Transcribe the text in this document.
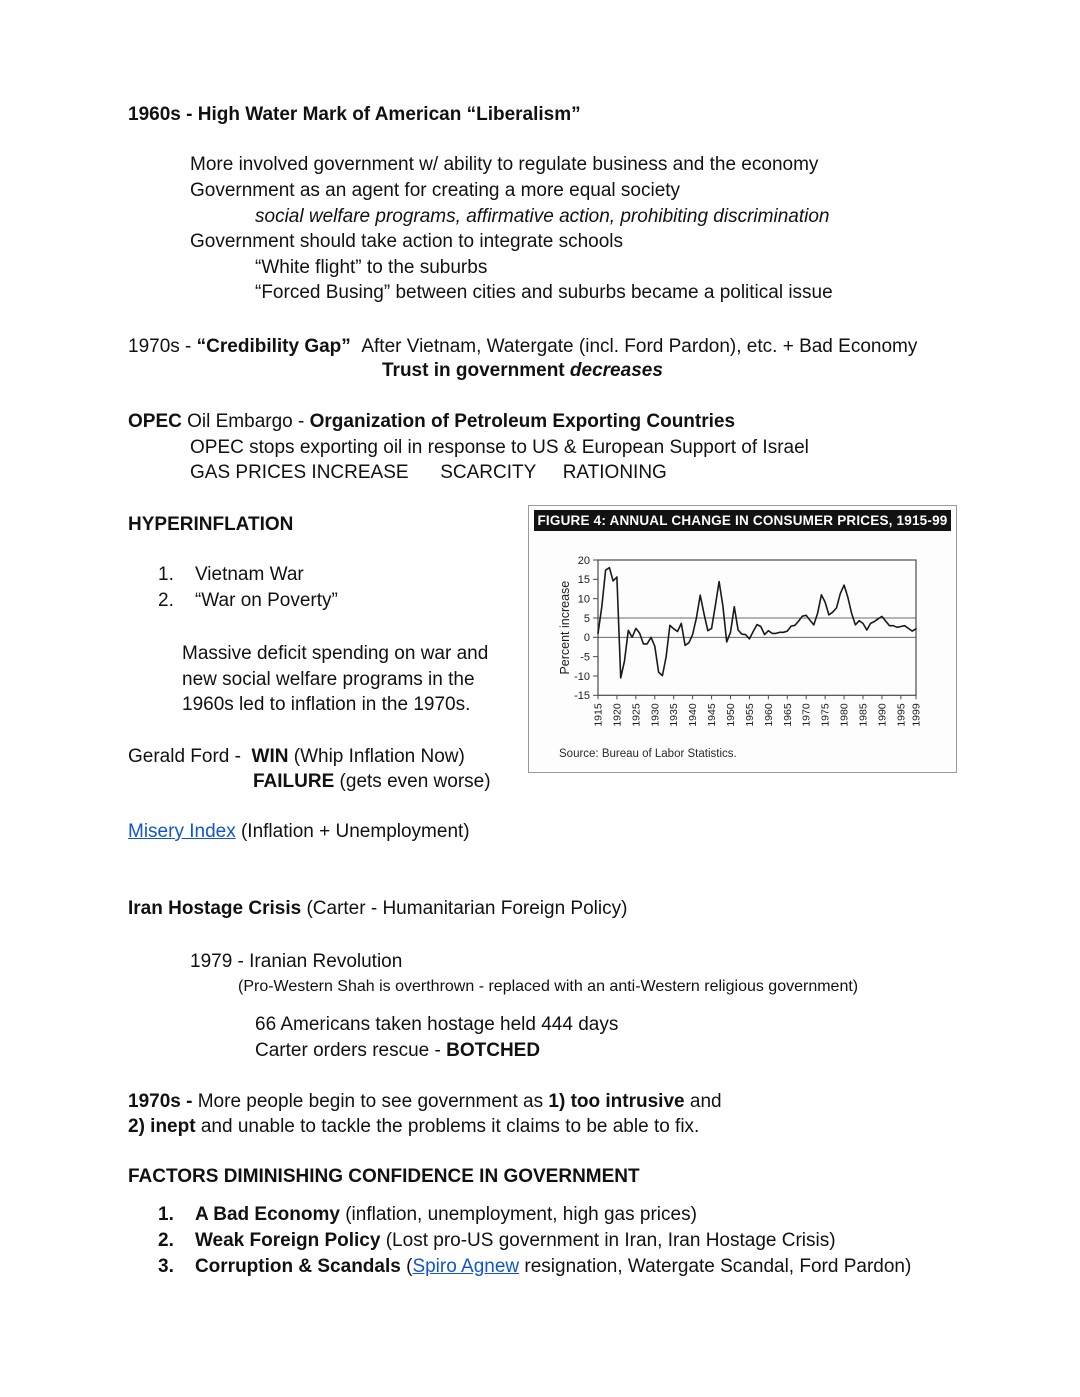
1960s - High Water Mark of American “Liberalism”
More involved government w/ ability to regulate business and the economy
Government as an agent for creating a more equal society
social welfare programs, affirmative action, prohibiting discrimination
Government should take action to integrate schools
“White flight” to the suburbs
“Forced Busing” between cities and suburbs became a political issue
1970s - “Credibility Gap”  After Vietnam, Watergate (incl. Ford Pardon), etc. + Bad Economy
Trust in government decreases
OPEC Oil Embargo - Organization of Petroleum Exporting Countries
OPEC stops exporting oil in response to US & European Support of Israel
GAS PRICES INCREASE      SCARCITY     RATIONING
HYPERINFLATION
1.    Vietnam War
2.    “War on Poverty”
Massive deficit spending on war and
new social welfare programs in the
1960s led to inflation in the 1970s.
Gerald Ford -  WIN (Whip Inflation Now)
FAILURE (gets even worse)
Misery Index (Inflation + Unemployment)
Iran Hostage Crisis (Carter - Humanitarian Foreign Policy)
1979 - Iranian Revolution
(Pro-Western Shah is overthrown - replaced with an anti-Western religious government)
66 Americans taken hostage held 444 days
Carter orders rescue - BOTCHED
1970s - More people begin to see government as 1) too intrusive and
2) inept and unable to tackle the problems it claims to be able to fix.
FACTORS DIMINISHING CONFIDENCE IN GOVERNMENT
1.    A Bad Economy (inflation, unemployment, high gas prices)
2.    Weak Foreign Policy (Lost pro-US government in Iran, Iran Hostage Crisis)
3.    Corruption & Scandals (Spiro Agnew resignation, Watergate Scandal, Ford Pardon)
FIGURE 4: ANNUAL CHANGE IN CONSUMER PRICES, 1915-99
20
15
10
5
0
-5
-10
-15
1915 1920 1925 1930 1935 1940 1945 1950 1955 1960 1965 1970 1975 1980 1985 1990 1995 1999
Percent increase
Source: Bureau of Labor Statistics.
